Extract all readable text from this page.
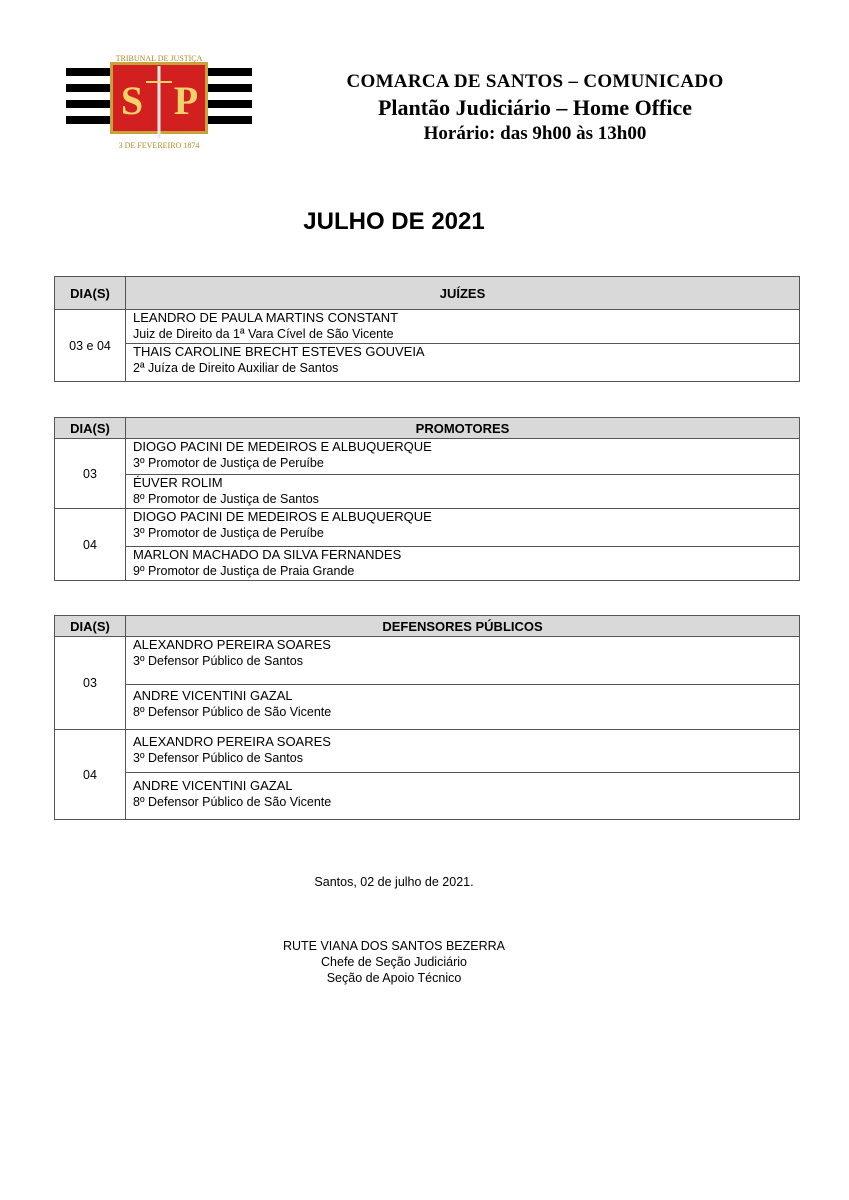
TRIBUNAL DE JUSTIÇA
S P
3 DE FEVEREIRO 1874
COMARCA DE SANTOS – COMUNICADO
Plantão Judiciário – Home Office
Horário: das 9h00 às 13h00
JULHO DE 2021
DIA(S)	JUÍZES
03 e 04	LEANDRO DE PAULA MARTINS CONSTANT
Juiz de Direito da 1ª Vara Cível de São Vicente

	THAIS CAROLINE BRECHT ESTEVES GOUVEIA
2ª Juíza de Direito Auxiliar de Santos
DIA(S)	PROMOTORES
03	DIOGO PACINI DE MEDEIROS E ALBUQUERQUE
3º Promotor de Justiça de Peruíbe

	ÉUVER ROLIM
8º Promotor de Justiça de Santos

04	DIOGO PACINI DE MEDEIROS E ALBUQUERQUE
3º Promotor de Justiça de Peruíbe

	MARLON MACHADO DA SILVA FERNANDES
9º Promotor de Justiça de Praia Grande
DIA(S)	DEFENSORES PÚBLICOS
03	ALEXANDRO PEREIRA SOARES
3º Defensor Público de Santos

	ANDRE VICENTINI GAZAL
8º Defensor Público de São Vicente

04	ALEXANDRO PEREIRA SOARES
3º Defensor Público de Santos

	ANDRE VICENTINI GAZAL
8º Defensor Público de São Vicente
Santos, 02 de julho de 2021.
RUTE VIANA DOS SANTOS BEZERRA
Chefe de Seção Judiciário
Seção de Apoio Técnico
